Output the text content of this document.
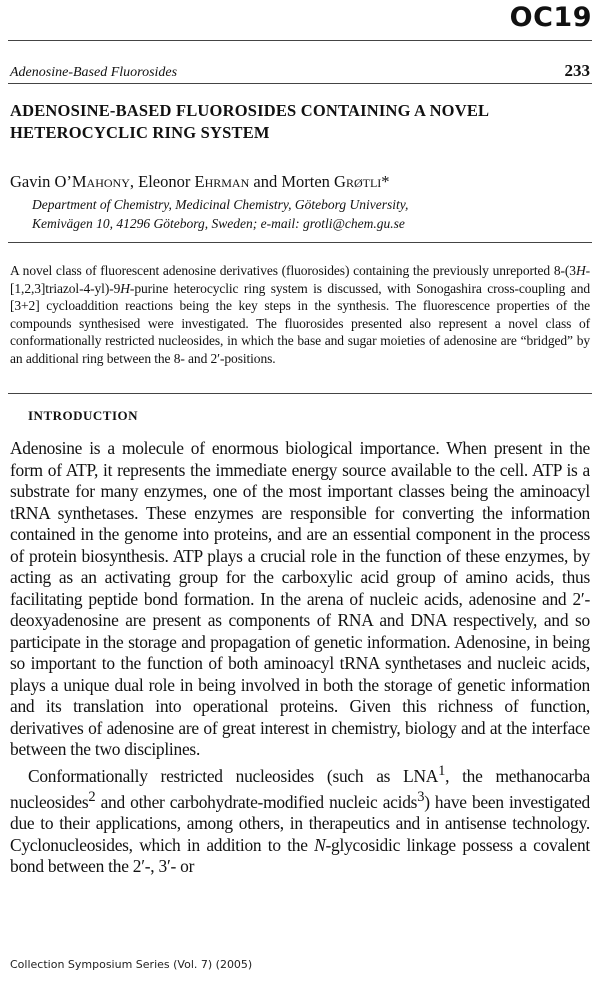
OC19
Adenosine-Based Fluorosides	233
ADENOSINE-BASED FLUOROSIDES CONTAINING A NOVEL HETEROCYCLIC RING SYSTEM
Gavin O’Mahony, Eleonor Ehrman and Morten Grøtli*

Department of Chemistry, Medicinal Chemistry, Göteborg University,
Kemivägen 10, 41296 Göteborg, Sweden; e-mail: grotli@chem.gu.se

A novel class of fluorescent adenosine derivatives (fluorosides) containing the previously unreported 8-(3H-[1,2,3]triazol-4-yl)-9H-purine heterocyclic ring system is discussed, with Sonogashira cross-coupling and [3+2] cycloaddition reactions being the key steps in the synthesis. The fluorescence properties of the compounds synthesised were investigated. The fluorosides presented also represent a novel class of conformationally restricted nucleosides, in which the base and sugar moieties of adenosine are “bridged” by an additional ring between the 8- and 2′-positions.

INTRODUCTION

Adenosine is a molecule of enormous biological importance. When present in the form of ATP, it represents the immediate energy source available to the cell. ATP is a substrate for many enzymes, one of the most important classes being the aminoacyl tRNA synthetases. These enzymes are responsible for converting the information contained in the genome into proteins, and are an essential component in the process of protein biosynthesis. ATP plays a crucial role in the function of these enzymes, by acting as an activating group for the carboxylic acid group of amino acids, thus facilitating peptide bond formation. In the arena of nucleic acids, adenosine and 2′-deoxyadenosine are present as components of RNA and DNA respectively, and so participate in the storage and propagation of genetic information. Adenosine, in being so important to the function of both aminoacyl tRNA synthetases and nucleic acids, plays a unique dual role in being involved in both the storage of genetic information and its translation into operational proteins. Given this richness of function, derivatives of adenosine are of great interest in chemistry, biology and at the interface between the two disciplines.

Conformationally restricted nucleosides (such as LNA$^1$, the methanocarba nucleosides$^2$ and other carbohydrate-modified nucleic acids$^3$) have been investigated due to their applications, among others, in therapeutics and in antisense technology. Cyclonucleosides, which in addition to the N-glycosidic linkage possess a covalent bond between the 2′-, 3′- or

Collection Symposium Series (Vol. 7) (2005)
